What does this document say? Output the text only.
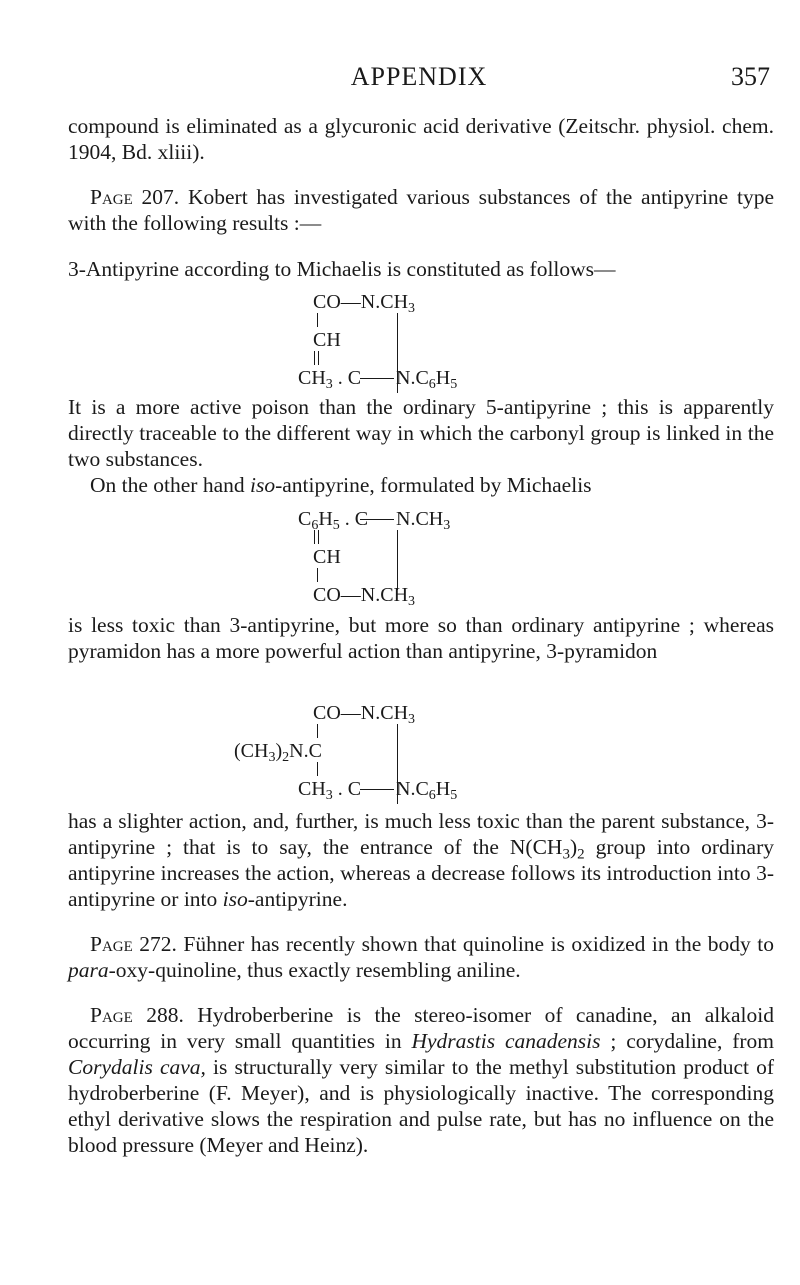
APPENDIX	357

compound is eliminated as a glycuronic acid derivative (Zeitschr. physiol. chem. 1904, Bd. xliii).

Page 207. Kobert has investigated various substances of the antipyrine type with the following results :—

3-Antipyrine according to Michaelis is constituted as follows—

$CO—N.CH_3$
CH
$CH_3$ . C $N.C_6H_5$

It is a more active poison than the ordinary 5-antipyrine ; this is apparently directly traceable to the different way in which the carbonyl group is linked in the two substances.

On the other hand iso-antipyrine, formulated by Michaelis

$C_6H_5$ . C $N.CH_3$
CH
$CO—N.CH_3$

is less toxic than 3-antipyrine, but more so than ordinary antipyrine ; whereas pyramidon has a more powerful action than antipyrine, 3-pyramidon

$CO—N.CH_3$
$(CH_3)_2N.C$
$CH_3$ . C $N.C_6H_5$

has a slighter action, and, further, is much less toxic than the parent substance, 3-antipyrine ; that is to say, the entrance of the $N(CH_3)_2$ group into ordinary antipyrine increases the action, whereas a decrease follows its introduction into 3-antipyrine or into iso-antipyrine.

Page 272. Fühner has recently shown that quinoline is oxidized in the body to para-oxy-quinoline, thus exactly resembling aniline.

Page 288. Hydroberberine is the stereo-isomer of canadine, an alkaloid occurring in very small quantities in Hydrastis canadensis ; corydaline, from Corydalis cava, is structurally very similar to the methyl substitution product of hydroberberine (F. Meyer), and is physiologically inactive. The corresponding ethyl derivative slows the respiration and pulse rate, but has no influence on the blood pressure (Meyer and Heinz).
